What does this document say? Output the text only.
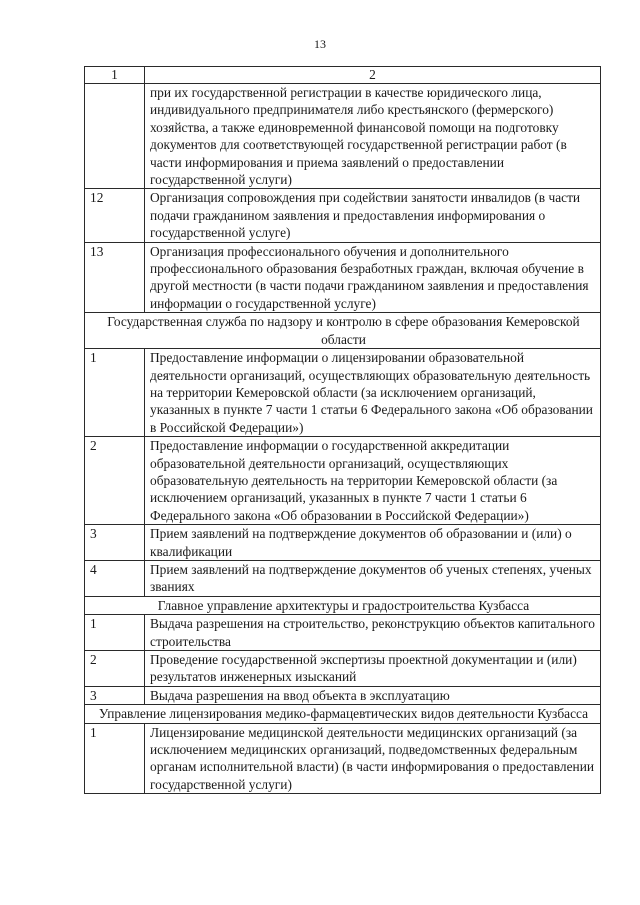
13
1	2
	при их государственной регистрации в качестве юридического лица, индивидуального предпринимателя либо крестьянского (фермерского) хозяйства, а также единовременной финансовой помощи на подготовку документов для соответствующей государственной регистрации работ (в части информирования и приема заявлений о предоставлении государственной услуги)
12	Организация сопровождения при содействии занятости инвалидов (в части подачи гражданином заявления и предоставления информирования о государственной услуге)
13	Организация профессионального обучения и дополнительного профессионального образования безработных граждан, включая обучение в другой местности (в части подачи гражданином заявления и предоставления информации о государственной услуге)
Государственная служба по надзору и контролю в сфере образования Кемеровской области	
1	Предоставление информации о лицензировании образовательной деятельности организаций, осуществляющих образовательную деятельность на территории Кемеровской области (за исключением организаций, указанных в пункте 7 части 1 статьи 6 Федерального закона «Об образовании в Российской Федерации»)
2	Предоставление информации о государственной аккредитации образовательной деятельности организаций, осуществляющих образовательную деятельность на территории Кемеровской области (за исключением организаций, указанных в пункте 7 части 1 статьи 6 Федерального закона «Об образовании в Российской Федерации»)
3	Прием заявлений на подтверждение документов об образовании и (или) о квалификации
4	Прием заявлений на подтверждение документов об ученых степенях, ученых званиях
Главное управление архитектуры и градостроительства Кузбасса	
1	Выдача разрешения на строительство, реконструкцию объектов капитального строительства
2	Проведение государственной экспертизы проектной документации и (или) результатов инженерных изысканий
3	Выдача разрешения на ввод объекта в эксплуатацию
Управление лицензирования медико-фармацевтических видов деятельности Кузбасса	
1	Лицензирование медицинской деятельности медицинских организаций (за исключением медицинских организаций, подведомственных федеральным органам исполнительной власти) (в части информирования о предоставлении государственной услуги)
